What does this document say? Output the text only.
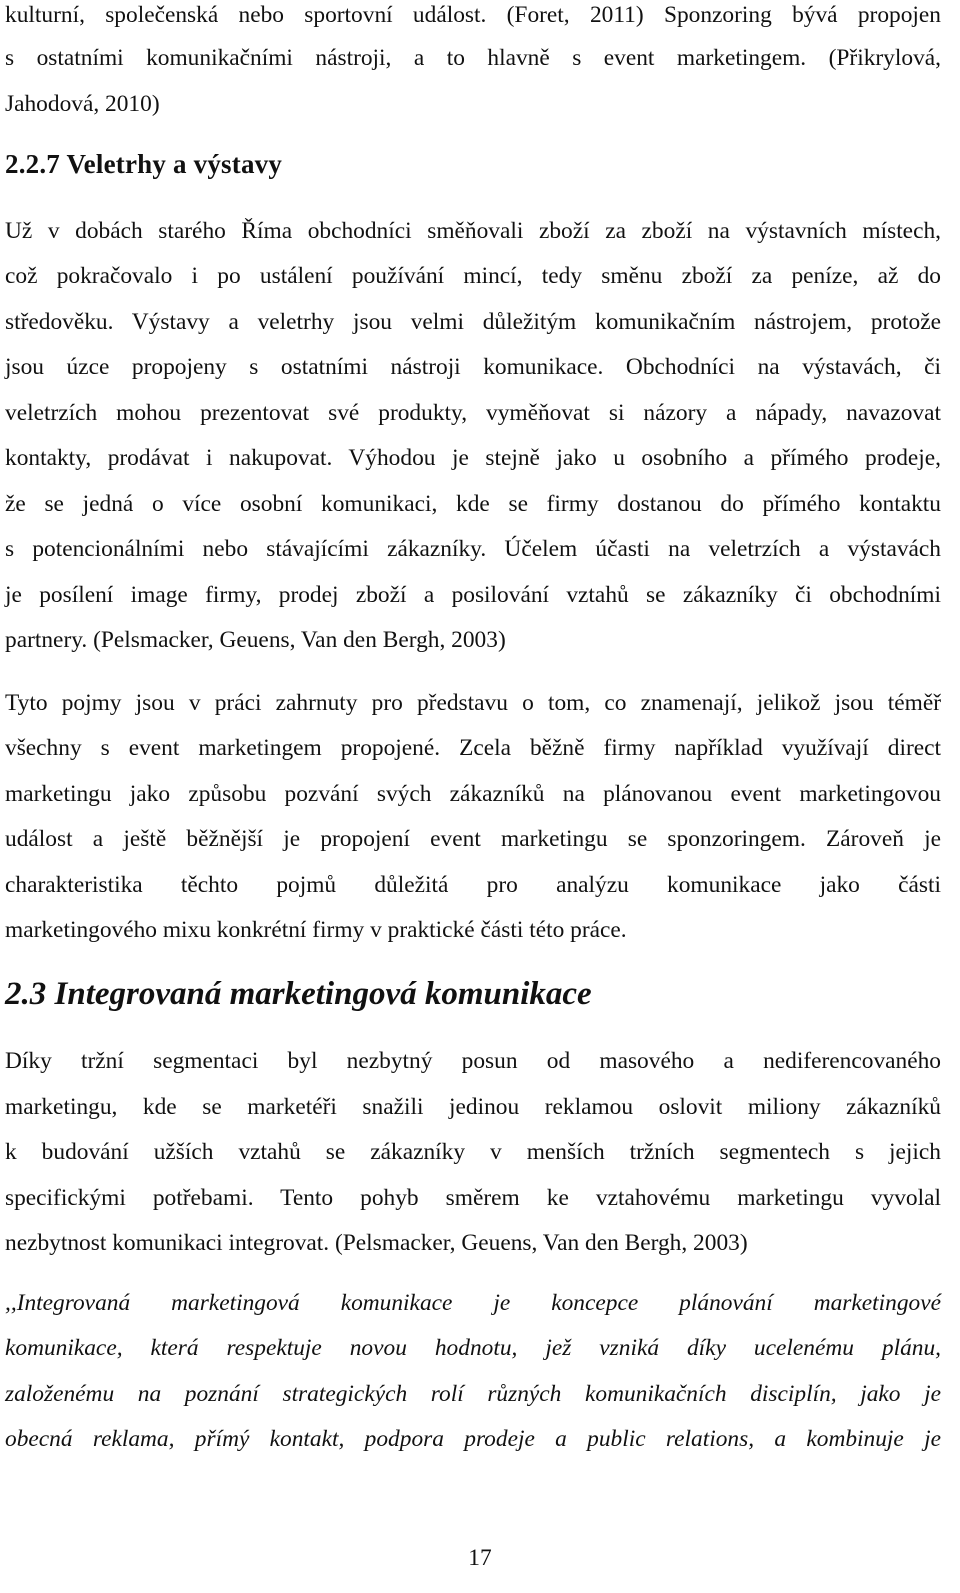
kulturní, společenská nebo sportovní událost. (Foret, 2011) Sponzoring bývá propojen
s ostatními komunikačními nástroji, a to hlavně s event marketingem. (Přikrylová,
Jahodová, 2010)
2.2.7 Veletrhy a výstavy
Už v dobách starého Říma obchodníci směňovali zboží za zboží na výstavních místech,
což pokračovalo i po ustálení používání mincí, tedy směnu zboží za peníze, až do
středověku. Výstavy a veletrhy jsou velmi důležitým komunikačním nástrojem, protože
jsou úzce propojeny s ostatními nástroji komunikace. Obchodníci na výstavách, či
veletrzích mohou prezentovat své produkty, vyměňovat si názory a nápady, navazovat
kontakty, prodávat i nakupovat. Výhodou je stejně jako u osobního a přímého prodeje,
že se jedná o více osobní komunikaci, kde se firmy dostanou do přímého kontaktu
s potencionálními nebo stávajícími zákazníky. Účelem účasti na veletrzích a výstavách
je posílení image firmy, prodej zboží a posilování vztahů se zákazníky či obchodními
partnery. (Pelsmacker, Geuens, Van den Bergh, 2003)
Tyto pojmy jsou v práci zahrnuty pro představu o tom, co znamenají, jelikož jsou téměř
všechny s event marketingem propojené. Zcela běžně firmy například využívají direct
marketingu jako způsobu pozvání svých zákazníků na plánovanou event marketingovou
událost a ještě běžnější je propojení event marketingu se sponzoringem. Zároveň je
charakteristika těchto pojmů důležitá pro analýzu komunikace jako části
marketingového mixu konkrétní firmy v praktické části této práce.
2.3 Integrovaná marketingová komunikace
Díky tržní segmentaci byl nezbytný posun od masového a nediferencovaného
marketingu, kde se marketéři snažili jedinou reklamou oslovit miliony zákazníků
k budování užších vztahů se zákazníky v menších tržních segmentech s jejich
specifickými potřebami. Tento pohyb směrem ke vztahovému marketingu vyvolal
nezbytnost komunikaci integrovat. (Pelsmacker, Geuens, Van den Bergh, 2003)
,,Integrovaná marketingová komunikace je koncepce plánování marketingové
komunikace, která respektuje novou hodnotu, jež vzniká díky ucelenému plánu,
založenému na poznání strategických rolí různých komunikačních disciplín, jako je
obecná reklama, přímý kontakt, podpora prodeje a public relations, a kombinuje je
17
